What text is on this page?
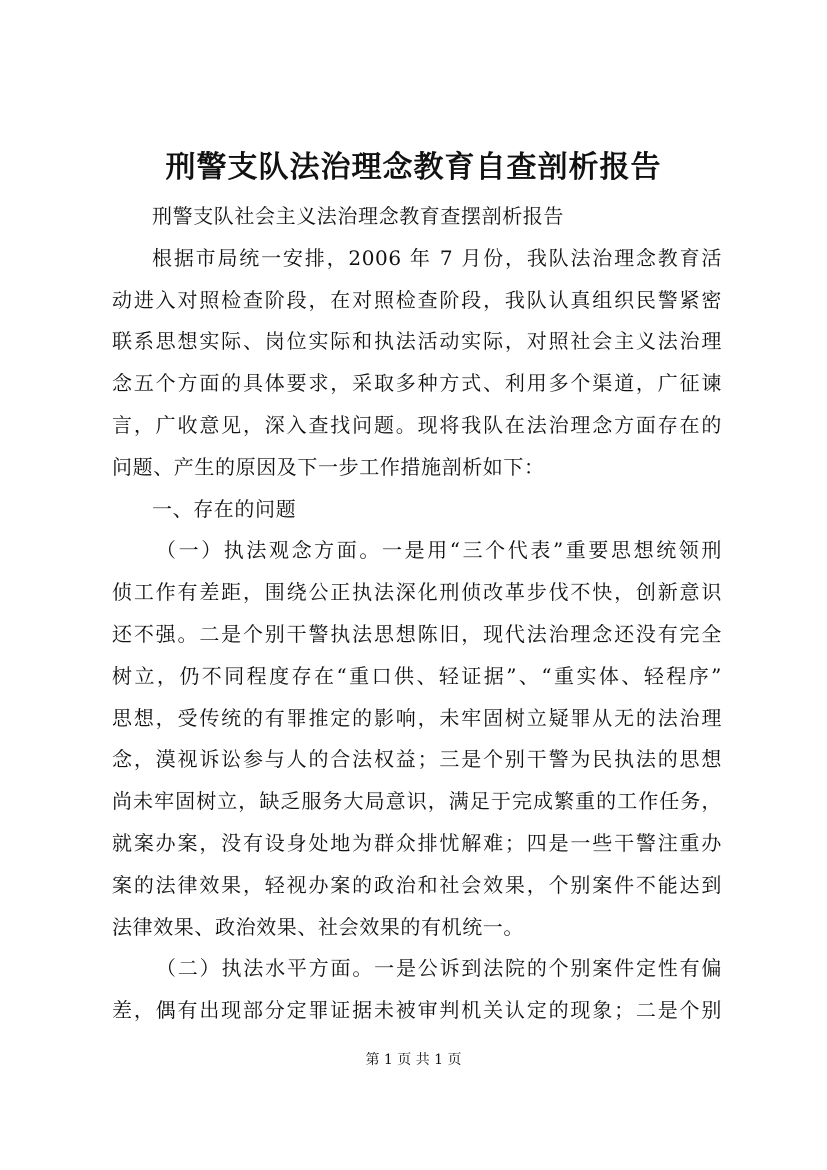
刑警支队法治理念教育自查剖析报告
刑警支队社会主义法治理念教育查摆剖析报告
根据市局统一安排，2006 年 7 月份，我队法治理念教育活
动进入对照检查阶段，在对照检查阶段，我队认真组织民警紧密
联系思想实际、岗位实际和执法活动实际，对照社会主义法治理
念五个方面的具体要求，采取多种方式、利用多个渠道，广征谏
言，广收意见，深入查找问题。现将我队在法治理念方面存在的
问题、产生的原因及下一步工作措施剖析如下：
一、存在的问题
（一）执法观念方面。一是用“三个代表”重要思想统领刑
侦工作有差距，围绕公正执法深化刑侦改革步伐不快，创新意识
还不强。二是个别干警执法思想陈旧，现代法治理念还没有完全
树立，仍不同程度存在“重口供、轻证据”、“重实体、轻程序”
思想，受传统的有罪推定的影响，未牢固树立疑罪从无的法治理
念，漠视诉讼参与人的合法权益；三是个别干警为民执法的思想
尚未牢固树立，缺乏服务大局意识，满足于完成繁重的工作任务，
就案办案，没有设身处地为群众排忧解难；四是一些干警注重办
案的法律效果，轻视办案的政治和社会效果，个别案件不能达到
法律效果、政治效果、社会效果的有机统一。
（二）执法水平方面。一是公诉到法院的个别案件定性有偏
差，偶有出现部分定罪证据未被审判机关认定的现象；二是个别
第 1 页 共 1 页
